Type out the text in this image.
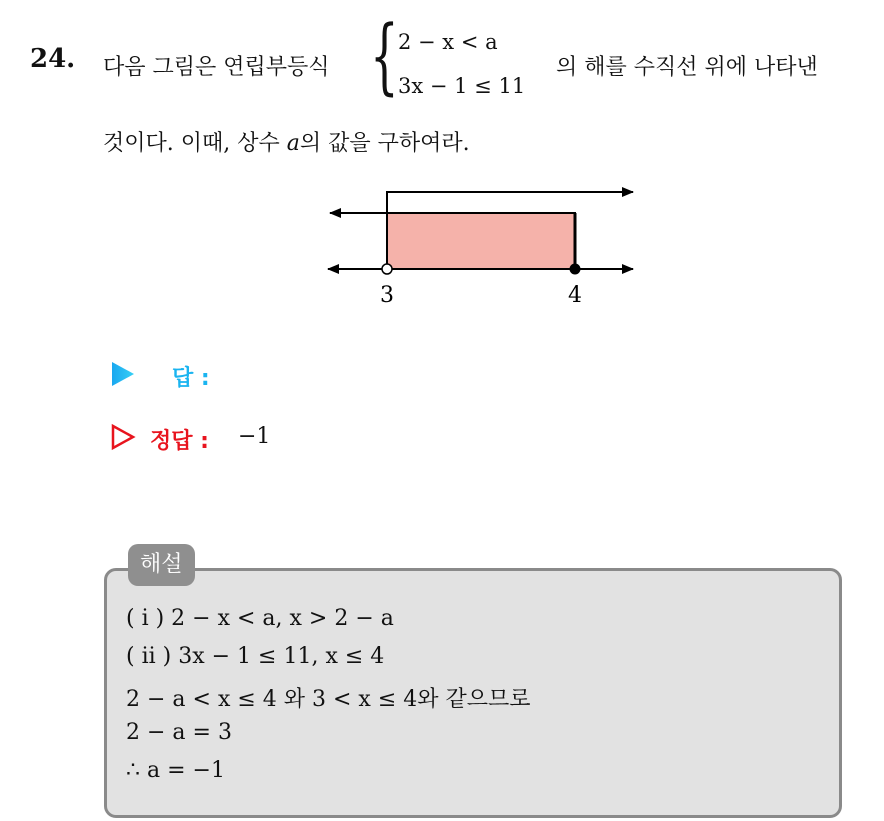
24. 다음 그림은 연립부등식 { 2 − x < a
3x − 1 ≤ 11
의 해를 수직선 위에 나타낸
것이다. 이때, 상수 a의 값을 구하여라.
3	4
답 :
정답 : −1
해설
( i ) 2 − x < a, x > 2 − a
( ii ) 3x − 1 ≤ 11, x ≤ 4
2 − a < x ≤ 4 와 3 < x ≤ 4와 같으므로
2 − a = 3
∴ a = −1
